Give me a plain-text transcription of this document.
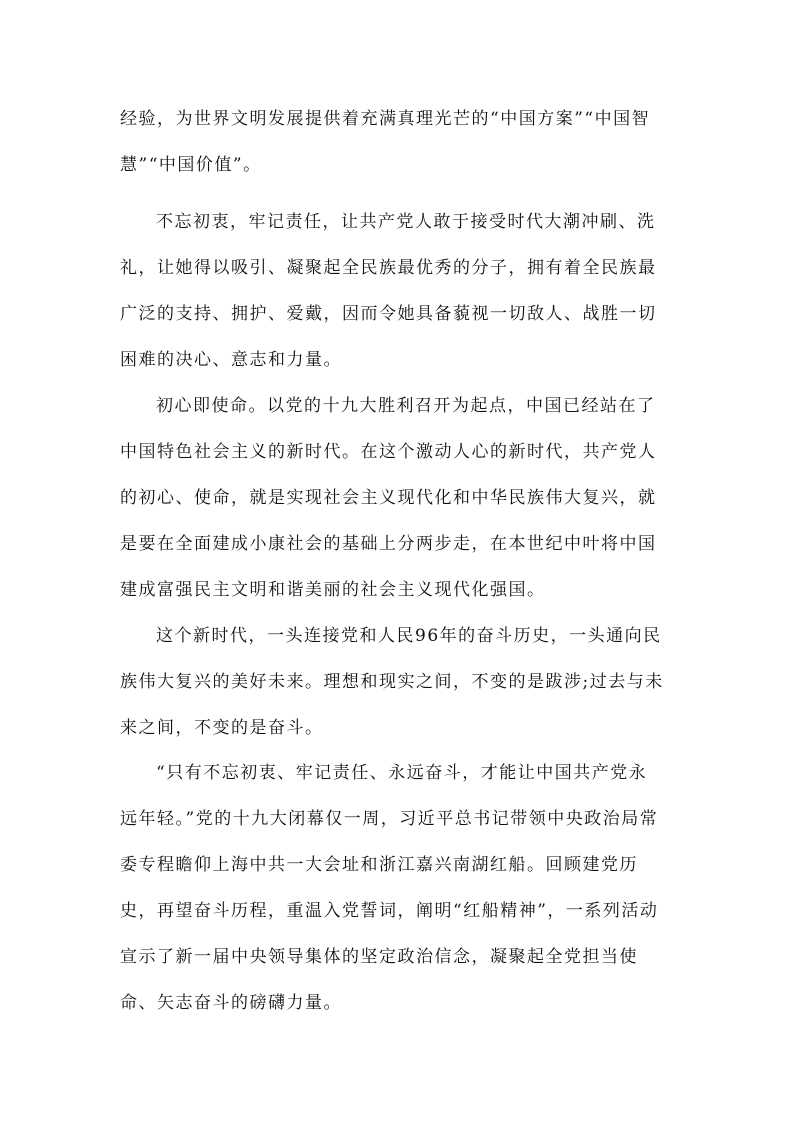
经验，为世界文明发展提供着充满真理光芒的“中国方案”“中国智
慧”“中国价值”。
不忘初衷，牢记责任，让共产党人敢于接受时代大潮冲刷、洗
礼，让她得以吸引、凝聚起全民族最优秀的分子，拥有着全民族最
广泛的支持、拥护、爱戴，因而令她具备藐视一切敌人、战胜一切
困难的决心、意志和力量。
初心即使命。以党的十九大胜利召开为起点，中国已经站在了
中国特色社会主义的新时代。在这个激动人心的新时代，共产党人
的初心、使命，就是实现社会主义现代化和中华民族伟大复兴，就
是要在全面建成小康社会的基础上分两步走，在本世纪中叶将中国
建成富强民主文明和谐美丽的社会主义现代化强国。
这个新时代，一头连接党和人民96年的奋斗历史，一头通向民
族伟大复兴的美好未来。理想和现实之间，不变的是跋涉;过去与未
来之间，不变的是奋斗。
“只有不忘初衷、牢记责任、永远奋斗，才能让中国共产党永
远年轻。”党的十九大闭幕仅一周，习近平总书记带领中央政治局常
委专程瞻仰上海中共一大会址和浙江嘉兴南湖红船。回顾建党历
史，再望奋斗历程，重温入党誓词，阐明“红船精神”，一系列活动
宣示了新一届中央领导集体的坚定政治信念，凝聚起全党担当使
命、矢志奋斗的磅礴力量。
